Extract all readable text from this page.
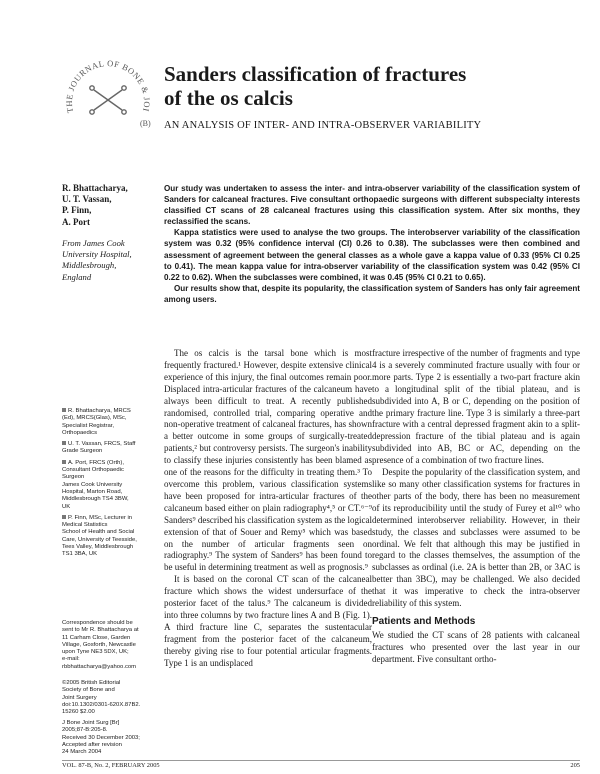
THE JOURNAL OF BONE & JOI
(B)
Sanders classification of fractures
of the os calcis
AN ANALYSIS OF INTER- AND INTRA-OBSERVER VARIABILITY
R. Bhattacharya,
U. T. Vassan,
P. Finn,
A. Port
From James Cook
University Hospital,
Middlesbrough,
England

Our study was undertaken to assess the inter- and intra-observer variability of the classification system of Sanders for calcaneal fractures. Five consultant orthopaedic surgeons with different subspecialty interests classified CT scans of 28 calcaneal fractures using this classification system. After six months, they reclassified the scans.

Kappa statistics were used to analyse the two groups. The interobserver variability of the classification system was 0.32 (95% confidence interval (CI) 0.26 to 0.38). The subclasses were then combined and assessment of agreement between the general classes as a whole gave a kappa value of 0.33 (95% CI 0.25 to 0.41). The mean kappa value for intra-observer variability of the classification system was 0.42 (95% CI 0.22 to 0.62). When the subclasses were combined, it was 0.45 (95% CI 0.21 to 0.65).

Our results show that, despite its popularity, the classification system of Sanders has only fair agreement among users.

R. Bhattacharya, MRCS
(Ed), MRCS(Glas), MSc,
Specialist Registrar,
Orthopaedics

U. T. Vassan, FRCS, Staff
Grade Surgeon

A. Port, FRCS (Orth),
Consultant Orthopaedic
Surgeon
James Cook University
Hospital, Marton Road,
Middlesbrough TS4 3BW,
UK

P. Finn, MSc, Lecturer in
Medical Statistics
School of Health and Social
Care, University of Teesside,
Tees Valley, Middlesbrough
TS1 3BA, UK

Correspondence should be
sent to Mr R. Bhattacharya at
11 Carham Close, Garden
Village, Gosforth, Newcastle
upon Tyne NE3 5DX, UK;
e-mail:
rbbhattacharya@yahoo.com

©2005 British Editorial
Society of Bone and
Joint Surgery
doi:10.1302/0301-620X.87B2.
15260 $2.00

J Bone Joint Surg [Br]
2005;87-B:205-8.
Received 30 December 2003;
Accepted after revision
24 March 2004

The os calcis is the tarsal bone which is most frequently fractured.¹ However, despite extensive clinical experience of this injury, the final outcomes remain poor. Displaced intra-articular fractures of the calcaneum have always been difficult to treat. A recently published randomised, controlled trial, comparing operative and non-operative treatment of calcaneal fractures, has shown a better outcome in some groups of surgically-treated patients,² but controversy persists. The surgeon's inability to classify these injuries consistently has been blamed as one of the reasons for the difficulty in treating them.³ To overcome this problem, various classification systems have been proposed for intra-articular fractures of the calcaneum based either on plain radiography⁴,⁵ or CT.⁶⁻⁹ Sanders⁹ described his classification system as the logical extension of that of Souer and Remy⁵ which was based on the number of articular fragments seen on radiography.⁹ The system of Sanders⁹ has been found to be useful in determining treatment as well as prognosis.⁹

It is based on the coronal CT scan of the calcaneal fracture which shows the widest undersurface of the posterior facet of the talus.⁹ The calcaneum is divided into three columns by two fracture lines A and B (Fig. 1). A third fracture line C, separates the sustentacular fragment from the posterior facet of the calcaneum, thereby giving rise to four potential articular fragments. Type 1 is an undisplaced

fracture irrespective of the number of fragments and type 4 is a severely comminuted fracture usually with four or more parts. Type 2 is essentially a two-part fracture akin to a longitudinal split of the tibial plateau, and is subdivided into A, B or C, depending on the position of the primary fracture line. Type 3 is similarly a three-part fracture with a central depressed fragment akin to a split-depression fracture of the tibial plateau and is again subdivided into AB, BC or AC, depending on the presence of a combination of two fracture lines.

Despite the popularity of the classification system, and like so many other classification systems for fractures in other parts of the body, there has been no measurement of its reproducibility until the study of Furey et al¹⁰ who determined interobserver reliability. However, in their study, the classes and subclasses were assumed to be ordinal. We felt that although this may be justified in regard to the classes themselves, the assumption of the subclasses as ordinal (i.e. 2A is better than 2B, or 3AC is better than 3BC), may be challenged. We also decided that it was imperative to check the intra-observer reliability of this system.

Patients and Methods

We studied the CT scans of 28 patients with calcaneal fractures who presented over the last year in our department. Five consultant ortho-

VOL. 87-B, No. 2, FEBRUARY 2005	205
